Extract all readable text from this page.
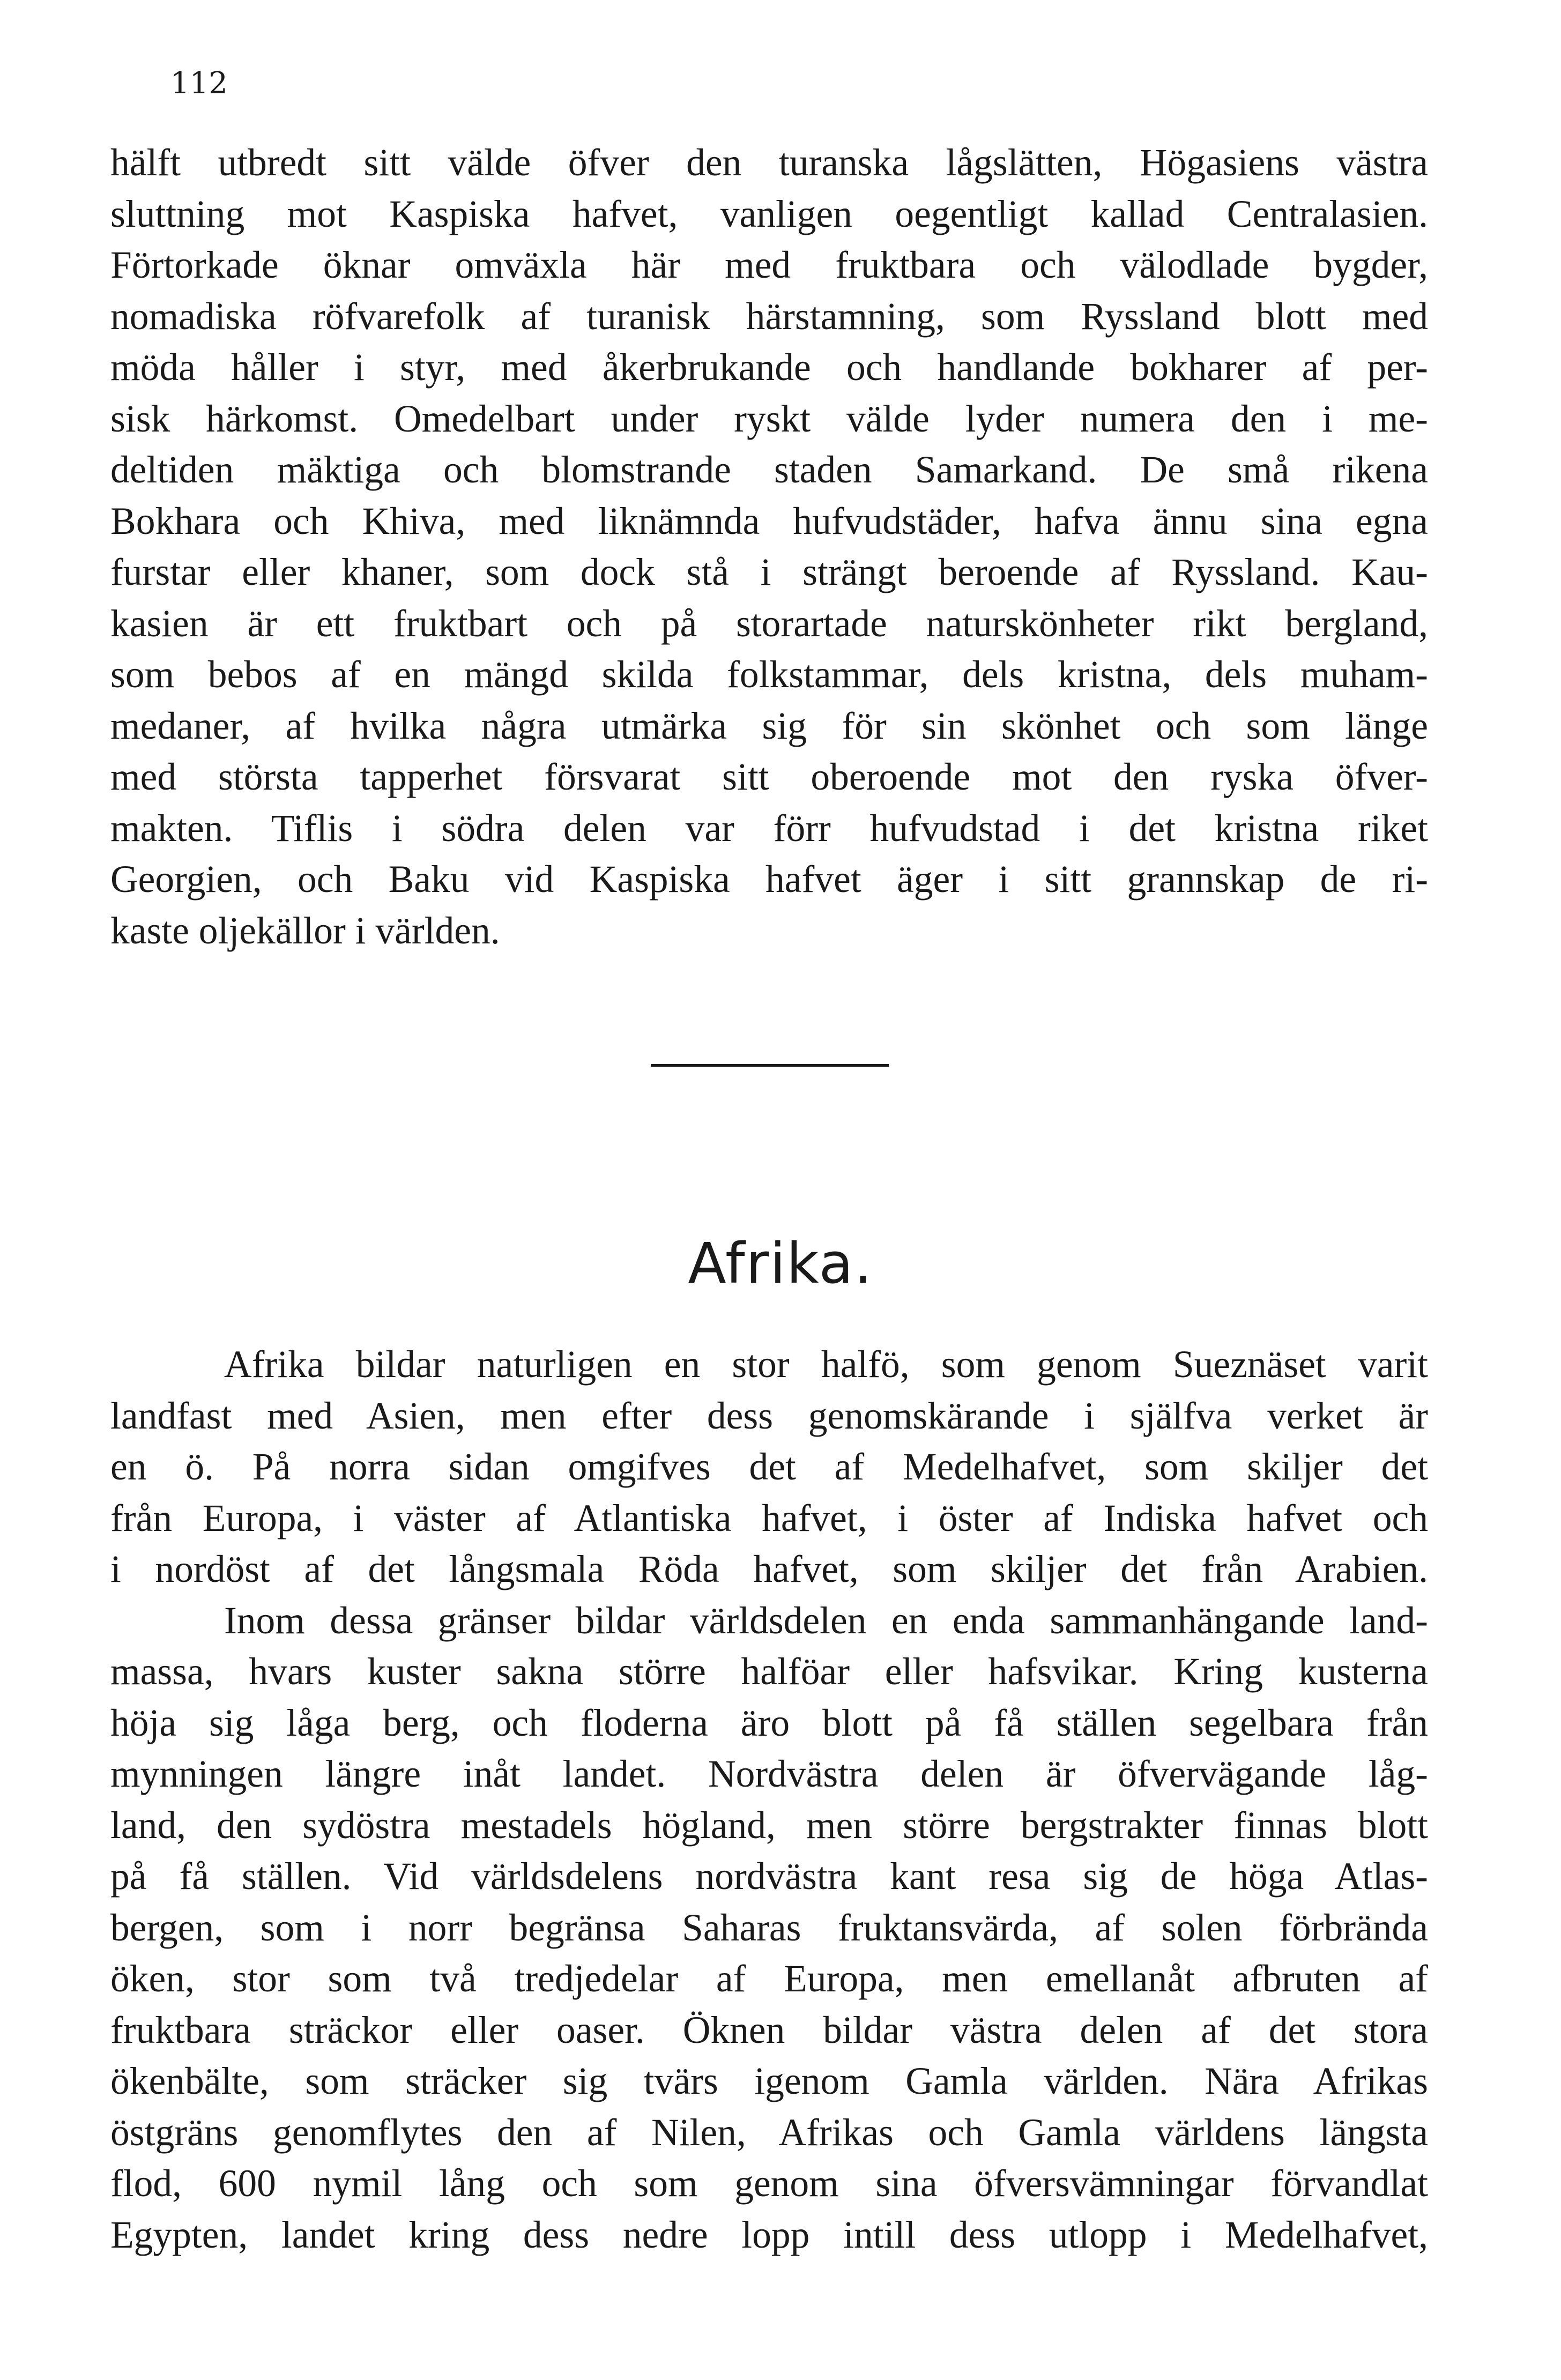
112
hälft utbredt sitt välde öfver den turanska lågslätten, Högasiens västra
sluttning mot Kaspiska hafvet, vanligen oegentligt kallad Centralasien.
Förtorkade öknar omväxla här med fruktbara och välodlade bygder,
nomadiska röfvarefolk af turanisk härstamning, som Ryssland blott med
möda håller i styr, med åkerbrukande och handlande bokharer af per-
sisk härkomst. Omedelbart under ryskt välde lyder numera den i me-
deltiden mäktiga och blomstrande staden Samarkand. De små rikena
Bokhara och Khiva, med liknämnda hufvudstäder, hafva ännu sina egna
furstar eller khaner, som dock stå i strängt beroende af Ryssland. Kau-
kasien är ett fruktbart och på storartade naturskönheter rikt bergland,
som bebos af en mängd skilda folkstammar, dels kristna, dels muham-
medaner, af hvilka några utmärka sig för sin skönhet och som länge
med största tapperhet försvarat sitt oberoende mot den ryska öfver-
makten. Tiflis i södra delen var förr hufvudstad i det kristna riket
Georgien, och Baku vid Kaspiska hafvet äger i sitt grannskap de ri-
kaste oljekällor i världen.
Afrika.
Afrika bildar naturligen en stor halfö, som genom Sueznäset varit
landfast med Asien, men efter dess genomskärande i själfva verket är
en ö. På norra sidan omgifves det af Medelhafvet, som skiljer det
från Europa, i väster af Atlantiska hafvet, i öster af Indiska hafvet och
i nordöst af det långsmala Röda hafvet, som skiljer det från Arabien.
Inom dessa gränser bildar världsdelen en enda sammanhängande land-
massa, hvars kuster sakna större halföar eller hafsvikar. Kring kusterna
höja sig låga berg, och floderna äro blott på få ställen segelbara från
mynningen längre inåt landet. Nordvästra delen är öfvervägande låg-
land, den sydöstra mestadels högland, men större bergstrakter finnas blott
på få ställen. Vid världsdelens nordvästra kant resa sig de höga Atlas-
bergen, som i norr begränsa Saharas fruktansvärda, af solen förbrända
öken, stor som två tredjedelar af Europa, men emellanåt afbruten af
fruktbara sträckor eller oaser. Öknen bildar västra delen af det stora
ökenbälte, som sträcker sig tvärs igenom Gamla världen. Nära Afrikas
östgräns genomflytes den af Nilen, Afrikas och Gamla världens längsta
flod, 600 nymil lång och som genom sina öfversvämningar förvandlat
Egypten, landet kring dess nedre lopp intill dess utlopp i Medelhafvet,
